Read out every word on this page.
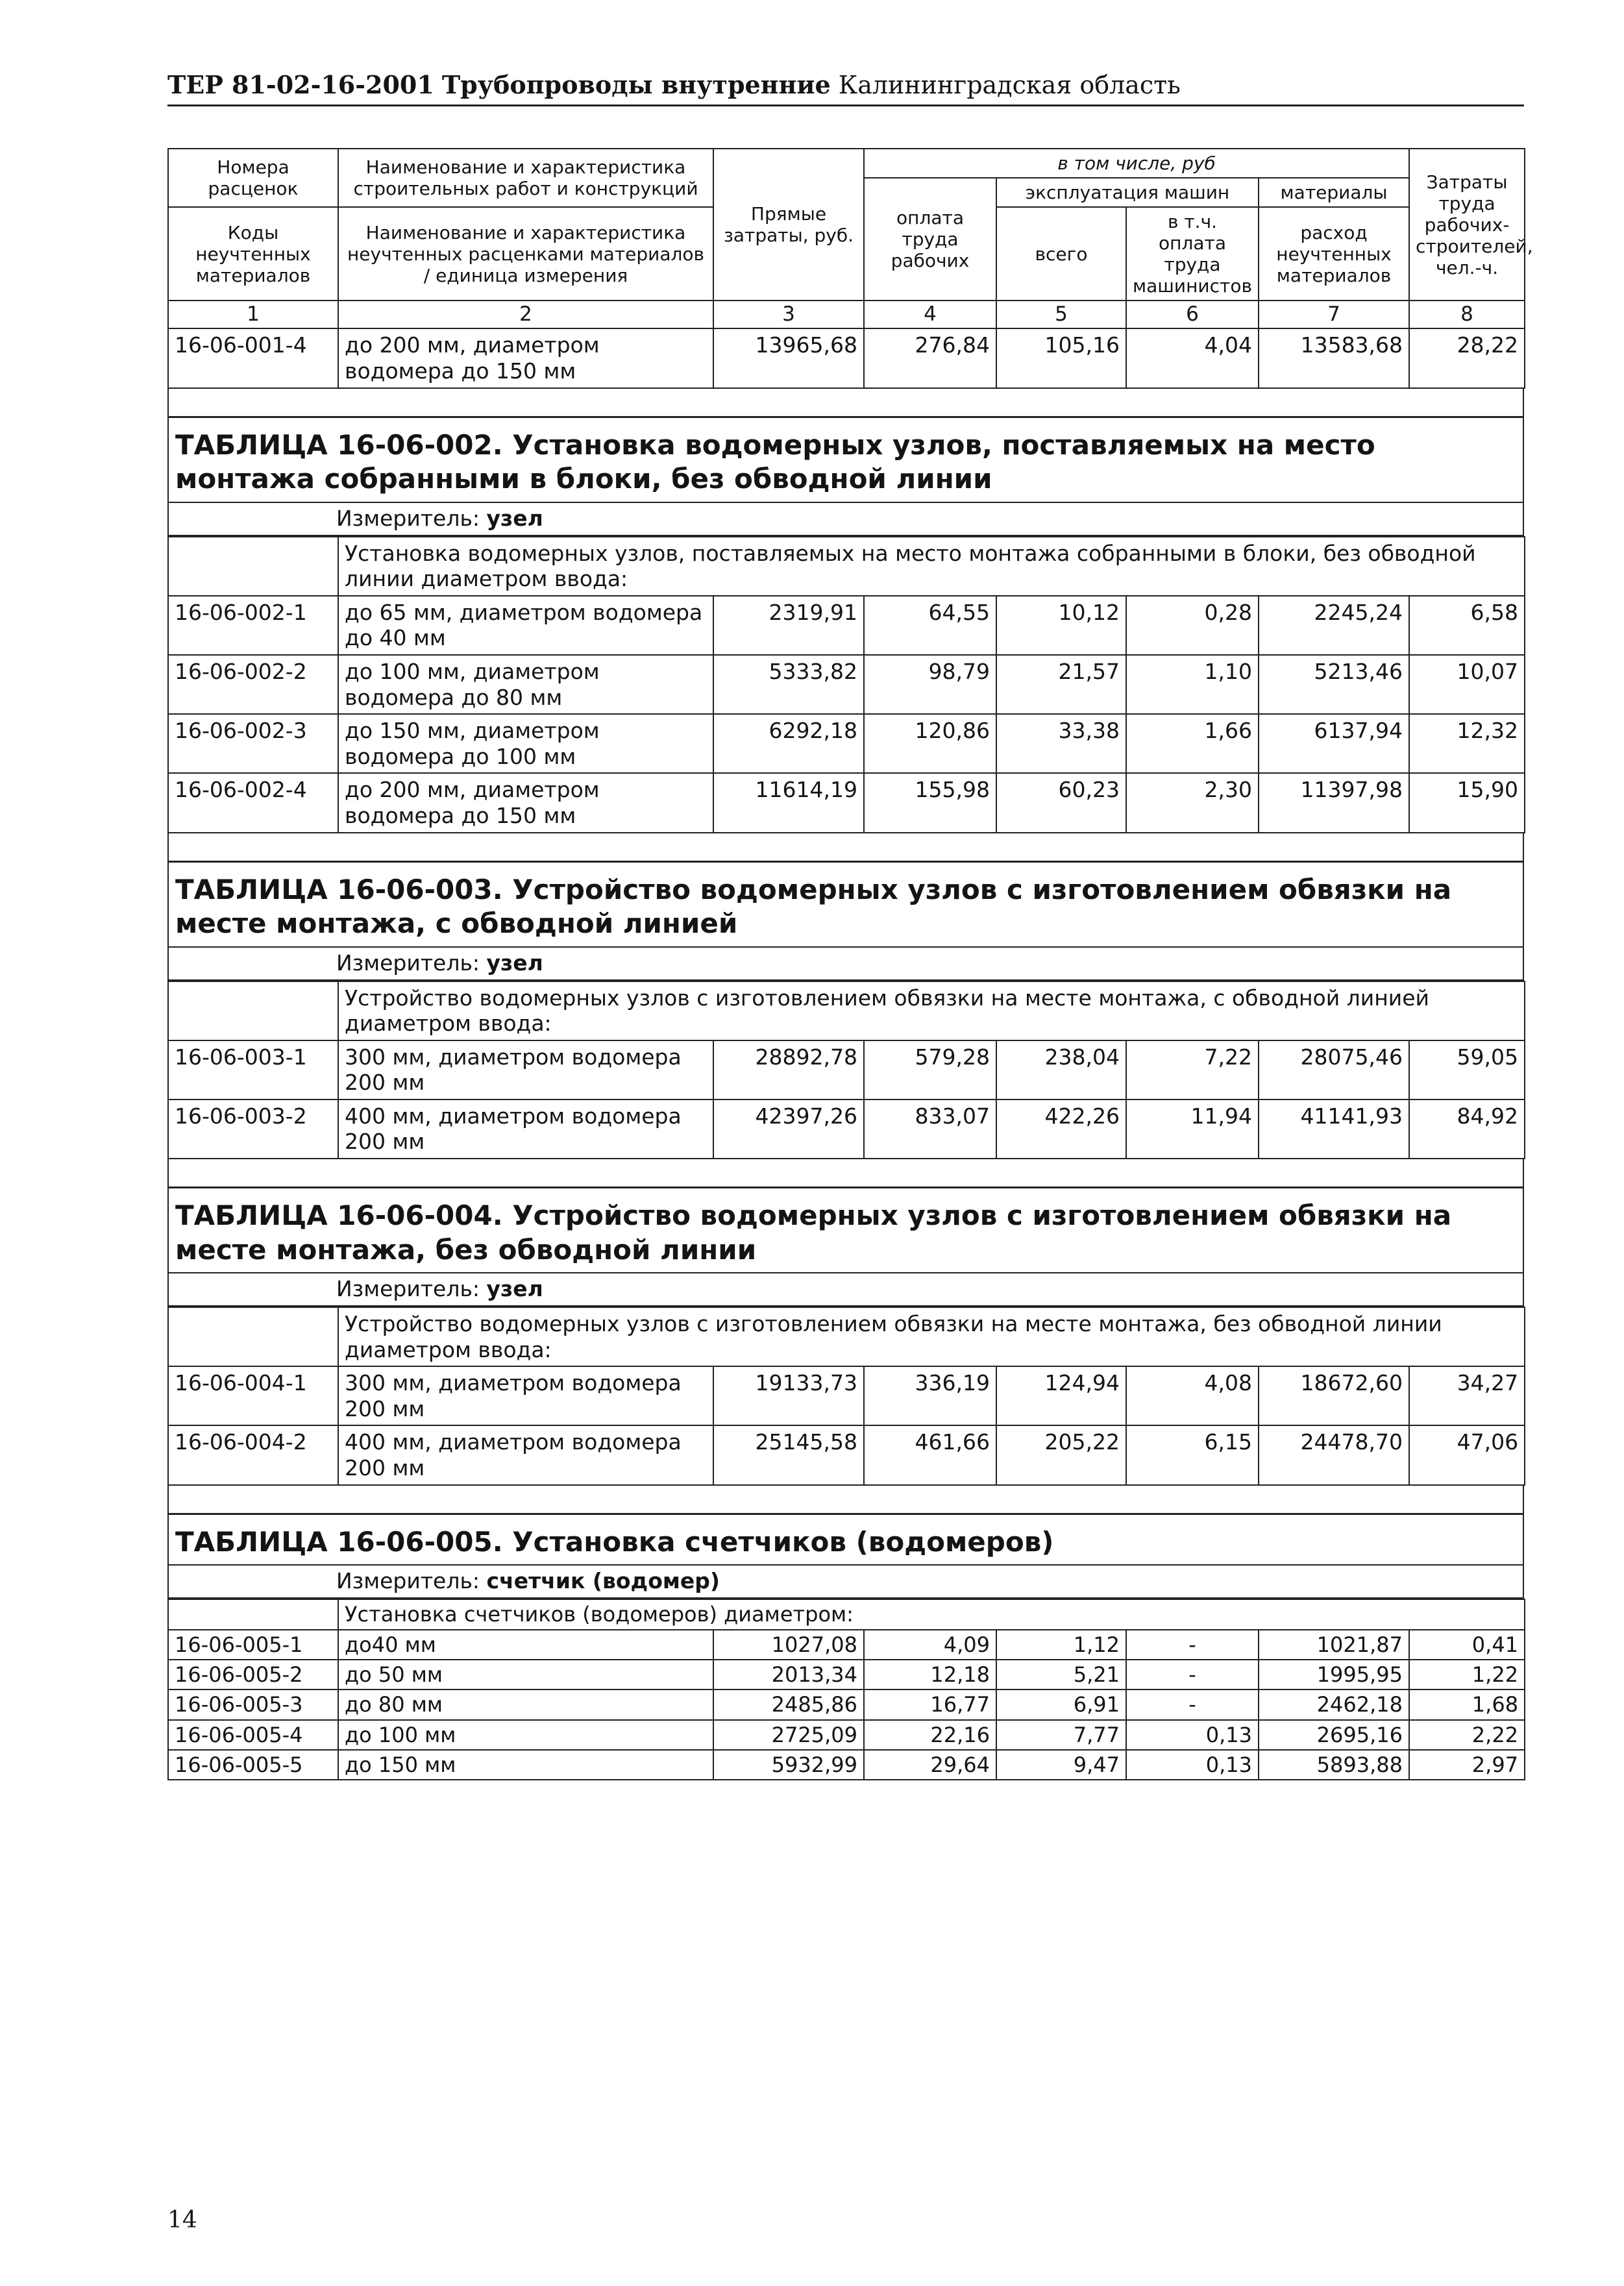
ТЕР 81-02-16-2001 Трубопроводы внутренние Калининградская область
Номера расценок	Наименование и характеристика строительных работ и конструкций	Прямые затраты, руб.	в том числе, руб				Затраты труда рабочих-строителей, чел.-ч.
			оплата труда рабочих	эксплуатация машин		материалы	
Коды неучтенных материалов	Наименование и характеристика неучтенных расценками материалов / единица измерения			всего	в т.ч. оплата труда машинистов	расход неучтенных материалов	

1	2	3	4	5	6	7	8
16-06-001-4	до 200 мм, диаметром водомера до 150 мм	13965,68	276,84	105,16	4,04	13583,68	28,22
ТАБЛИЦА 16-06-002. Установка водомерных узлов, поставляемых на место монтажа собранными в блоки, без обводной линии
Измеритель: узел
	Установка водомерных узлов, поставляемых на место монтажа собранными в блоки, без обводной линии диаметром ввода:						
16-06-002-1	до 65 мм, диаметром водомера до 40 мм	2319,91	64,55	10,12	0,28	2245,24	6,58
16-06-002-2	до 100 мм, диаметром водомера до 80 мм	5333,82	98,79	21,57	1,10	5213,46	10,07
16-06-002-3	до 150 мм, диаметром водомера до 100 мм	6292,18	120,86	33,38	1,66	6137,94	12,32
16-06-002-4	до 200 мм, диаметром водомера до 150 мм	11614,19	155,98	60,23	2,30	11397,98	15,90
ТАБЛИЦА 16-06-003. Устройство водомерных узлов с изготовлением обвязки на месте монтажа, с обводной линией
Измеритель: узел
	Устройство водомерных узлов с изготовлением обвязки на месте монтажа, с обводной линией диаметром ввода:						
16-06-003-1	300 мм, диаметром водомера 200 мм	28892,78	579,28	238,04	7,22	28075,46	59,05
16-06-003-2	400 мм, диаметром водомера 200 мм	42397,26	833,07	422,26	11,94	41141,93	84,92
ТАБЛИЦА 16-06-004. Устройство водомерных узлов с изготовлением обвязки на месте монтажа, без обводной линии
Измеритель: узел
	Устройство водомерных узлов с изготовлением обвязки на месте монтажа, без обводной линии диаметром ввода:						
16-06-004-1	300 мм, диаметром водомера 200 мм	19133,73	336,19	124,94	4,08	18672,60	34,27
16-06-004-2	400 мм, диаметром водомера 200 мм	25145,58	461,66	205,22	6,15	24478,70	47,06
ТАБЛИЦА 16-06-005. Установка счетчиков (водомеров)
Измеритель: счетчик (водомер)
	Установка счетчиков (водомеров) диаметром:						
16-06-005-1	до40 мм	1027,08	4,09	1,12	-	1021,87	0,41
16-06-005-2	до 50 мм	2013,34	12,18	5,21	-	1995,95	1,22
16-06-005-3	до 80 мм	2485,86	16,77	6,91	-	2462,18	1,68
16-06-005-4	до 100 мм	2725,09	22,16	7,77	0,13	2695,16	2,22
16-06-005-5	до 150 мм	5932,99	29,64	9,47	0,13	5893,88	2,97
14
